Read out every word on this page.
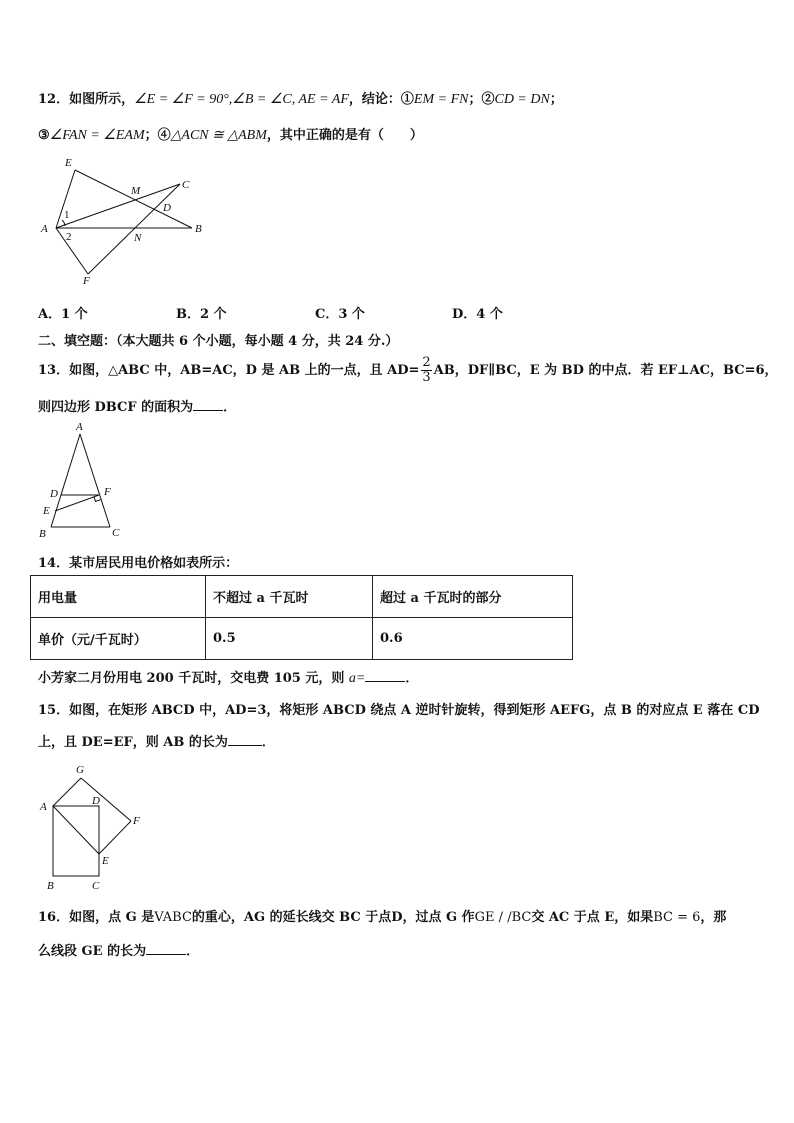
12．如图所示，∠E = ∠F = 90°,∠B = ∠C, AE = AF，结论：①EM = FN；②CD = DN；
③∠FAN = ∠EAM；④△ACN ≅ △ABM，其中正确的是有（　　）
E
M	C
D
A	B
N
F
1
2
A．1 个	B．2 个	C．3 个	D．4 个
二、填空题：（本大题共 6 个小题，每小题 4 分，共 24 分.）
13．如图，△ABC 中，AB=AC，D 是 AB 上的一点，且 $AD= \frac{2}{3}$ AB，DF∥BC，E 为 BD 的中点．若 EF⊥AC，BC=6，
则四边形 DBCF 的面积为 ．
A
D	F
E
B	C
14．某市居民用电价格如表所示：
用电量	不超过 a 千瓦时	超过 a 千瓦时的部分
单价（元/千瓦时）	0.5	0.6
小芳家二月份用电 200 千瓦时，交电费 105 元，则 a=	．
15．如图，在矩形 ABCD 中，AD=3，将矩形 ABCD 绕点 A 逆时针旋转，得到矩形 AEFG，点 B 的对应点 E 落在 CD
上，且 DE=EF，则 AB 的长为	．
G
A	D
F
E
B	C
16．如图，点 G 是VABC的重心，AG 的延长线交 BC 于点D，过点 G 作GE / /BC交 AC 于点 E，如果BC = 6，那
么线段 GE 的长为	．
